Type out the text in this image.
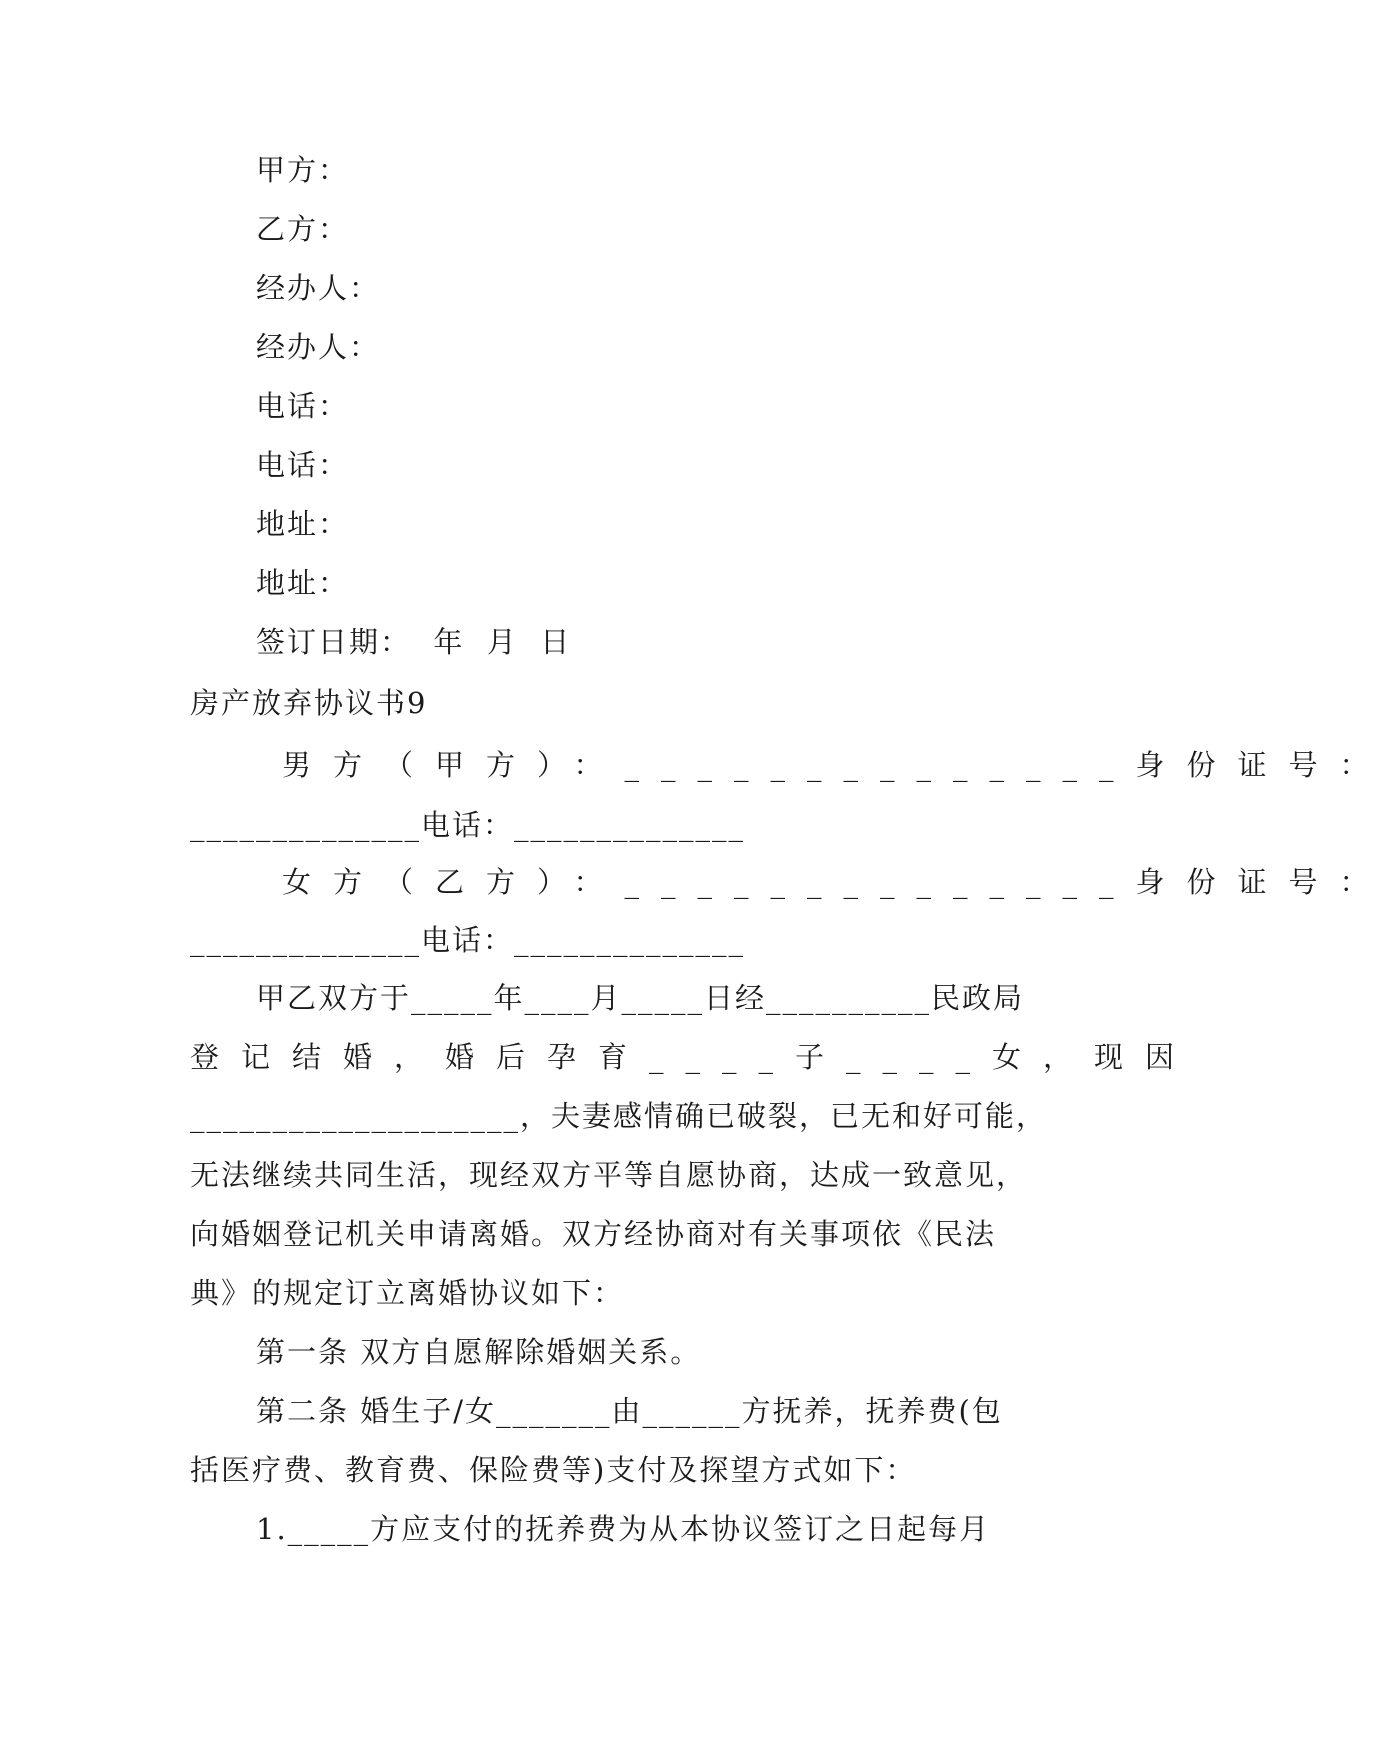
甲方：
乙方：
经办人：
经办人：
电话：
电话：
地址：
地址：
签订日期：  年  月  日
房产放弃协议书9
男方（甲方）：______________身份证号：
______________电话：______________
女方（乙方）：______________身份证号：
______________电话：______________
甲乙双方于_____年____月_____日经__________民政局
登记结婚，婚后孕育____子____女，现因
____________________，夫妻感情确已破裂，已无和好可能，
无法继续共同生活，现经双方平等自愿协商，达成一致意见，
向婚姻登记机关申请离婚。双方经协商对有关事项依《民法
典》的规定订立离婚协议如下：
第一条 双方自愿解除婚姻关系。
第二条 婚生子/女_______由______方抚养，抚养费(包
括医疗费、教育费、保险费等)支付及探望方式如下：
1._____方应支付的抚养费为从本协议签订之日起每月
